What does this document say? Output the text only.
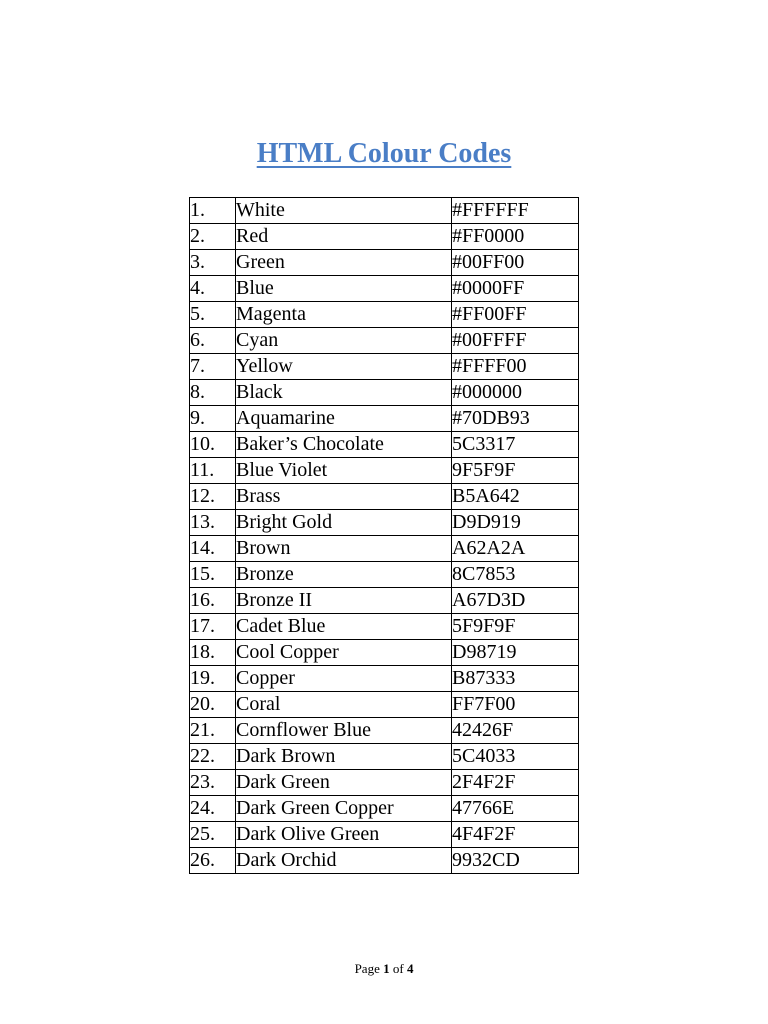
HTML Colour Codes
1.	White	#FFFFFF
2.	Red	#FF0000
3.	Green	#00FF00
4.	Blue	#0000FF
5.	Magenta	#FF00FF
6.	Cyan	#00FFFF
7.	Yellow	#FFFF00
8.	Black	#000000
9.	Aquamarine	#70DB93
10.	Baker’s Chocolate	5C3317
11.	Blue Violet	9F5F9F
12.	Brass	B5A642
13.	Bright Gold	D9D919
14.	Brown	A62A2A
15.	Bronze	8C7853
16.	Bronze II	A67D3D
17.	Cadet Blue	5F9F9F
18.	Cool Copper	D98719
19.	Copper	B87333
20.	Coral	FF7F00
21.	Cornflower Blue	42426F
22.	Dark Brown	5C4033
23.	Dark Green	2F4F2F
24.	Dark Green Copper	47766E
25.	Dark Olive Green	4F4F2F
26.	Dark Orchid	9932CD
Page 1 of 4
